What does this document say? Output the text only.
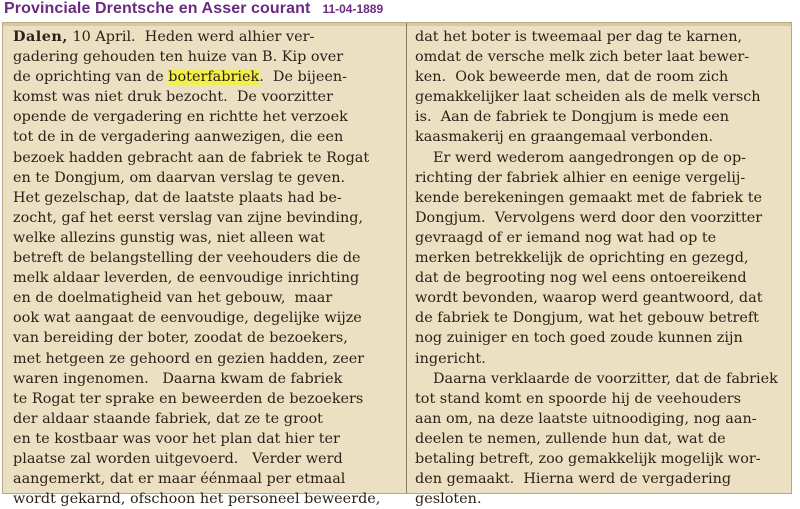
Provinciale Drentsche en Asser courant 11-04-1889
Dalen, 10 April.  Heden werd alhier ver-
gadering gehouden ten huize van B. Kip over
de oprichting van de boterfabriek.  De bijeen-
komst was niet druk bezocht.  De voorzitter
opende de vergadering en richtte het verzoek
tot de in de vergadering aanwezigen, die een
bezoek hadden gebracht aan de fabriek te Rogat
en te Dongjum, om daarvan verslag te geven.
Het gezelschap, dat de laatste plaats had be-
zocht, gaf het eerst verslag van zijne bevinding,
welke allezins gunstig was, niet alleen wat
betreft de belangstelling der veehouders die de
melk aldaar leverden, de eenvoudige inrichting
en de doelmatigheid van het gebouw,  maar
ook wat aangaat de eenvoudige, degelijke wijze
van bereiding der boter, zoodat de bezoekers,
met hetgeen ze gehoord en gezien hadden, zeer
waren ingenomen.   Daarna kwam de fabriek
te Rogat ter sprake en beweerden de bezoekers
der aldaar staande fabriek, dat ze te groot
en te kostbaar was voor het plan dat hier ter
plaatse zal worden uitgevoerd.   Verder werd
aangemerkt, dat er maar éénmaal per etmaal
wordt gekarnd, ofschoon het personeel beweerde,
dat het boter is tweemaal per dag te karnen,
omdat de versche melk zich beter laat bewer-
ken.  Ook beweerde men, dat de room zich
gemakkelijker laat scheiden als de melk versch
is.  Aan de fabriek te Dongjum is mede een
kaasmakerij en graangemaal verbonden.
Er werd wederom aangedrongen op de op-
richting der fabriek alhier en eenige vergelij-
kende berekeningen gemaakt met de fabriek te
Dongjum.  Vervolgens werd door den voorzitter
gevraagd of er iemand nog wat had op te
merken betrekkelijk de oprichting en gezegd,
dat de begrooting nog wel eens ontoereikend
wordt bevonden, waarop werd geantwoord, dat
de fabriek te Dongjum, wat het gebouw betreft
nog zuiniger en toch goed zoude kunnen zijn
ingericht.
Daarna verklaarde de voorzitter, dat de fabriek
tot stand komt en spoorde hij de veehouders
aan om, na deze laatste uitnoodiging, nog aan-
deelen te nemen, zullende hun dat, wat de
betaling betreft, zoo gemakkelijk mogelijk wor-
den gemaakt.  Hierna werd de vergadering
gesloten.
